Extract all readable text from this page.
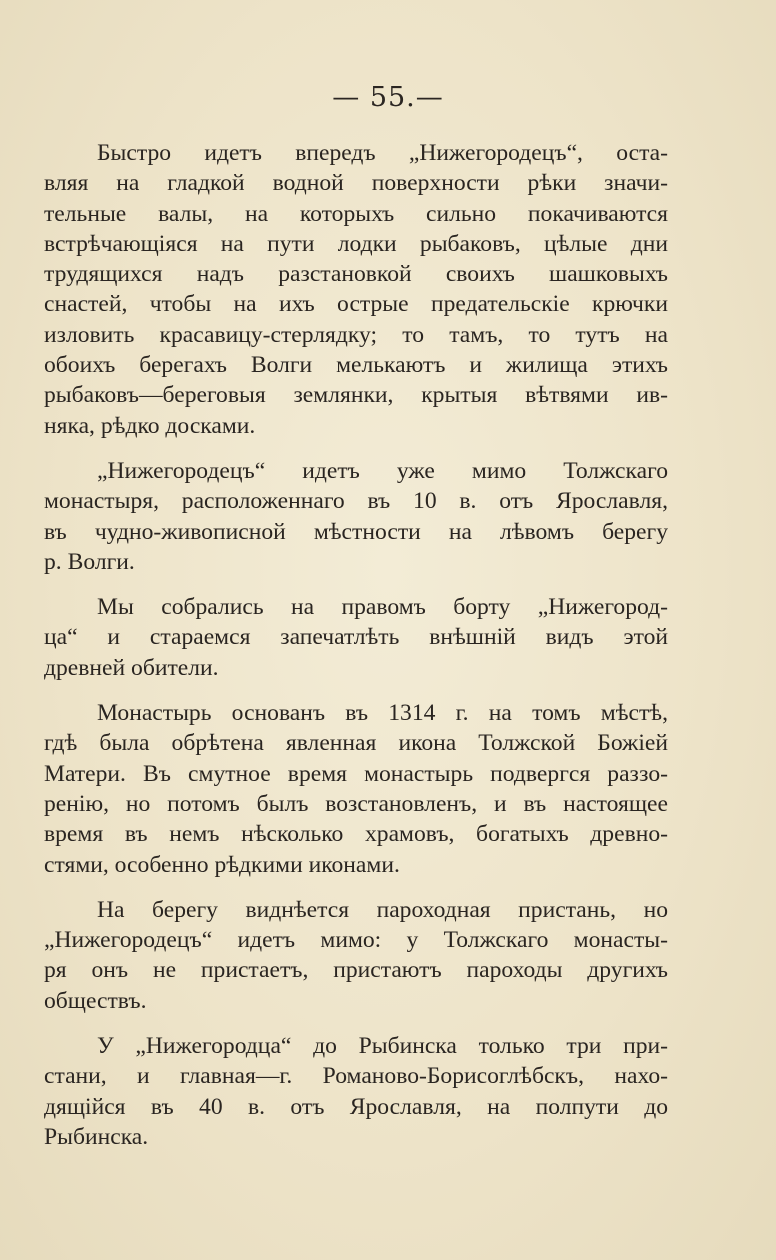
— 55.—
Быстро идетъ впередъ „Нижегородецъ“, оста-
вляя на гладкой водной поверхности рѣки значи-
тельные валы, на которыхъ сильно покачиваются
встрѣчающіяся на пути лодки рыбаковъ, цѣлые дни
трудящихся надъ разстановкой своихъ шашковыхъ
снастей, чтобы на ихъ острые предательскіе крючки
изловить красавицу-стерлядку; то тамъ, то тутъ на
обоихъ берегахъ Волги мелькаютъ и жилища этихъ
рыбаковъ—береговыя землянки, крытыя вѣтвями ив-
няка, рѣдко досками.
„Нижегородецъ“ идетъ уже мимо Толжскаго
монастыря, расположеннаго въ 10 в. отъ Ярославля,
въ чудно-живописной мѣстности на лѣвомъ берегу
р. Волги.
Мы собрались на правомъ борту „Нижегород-
ца“ и стараемся запечатлѣть внѣшній видъ этой
древней обители.
Монастырь основанъ въ 1314 г. на томъ мѣстѣ,
гдѣ была обрѣтена явленная икона Толжской Божіей
Матери. Въ смутное время монастырь подвергся раззо-
ренію, но потомъ былъ возстановленъ, и въ настоящее
время въ немъ нѣсколько храмовъ, богатыхъ древно-
стями, особенно рѣдкими иконами.
На берегу виднѣется пароходная пристань, но
„Нижегородецъ“ идетъ мимо: у Толжскаго монасты-
ря онъ не пристаетъ, пристаютъ пароходы другихъ
обществъ.
У „Нижегородца“ до Рыбинска только три при-
стани, и главная—г. Романово-Борисоглѣбскъ, нахо-
дящійся въ 40 в. отъ Ярославля, на полпути до
Рыбинска.
